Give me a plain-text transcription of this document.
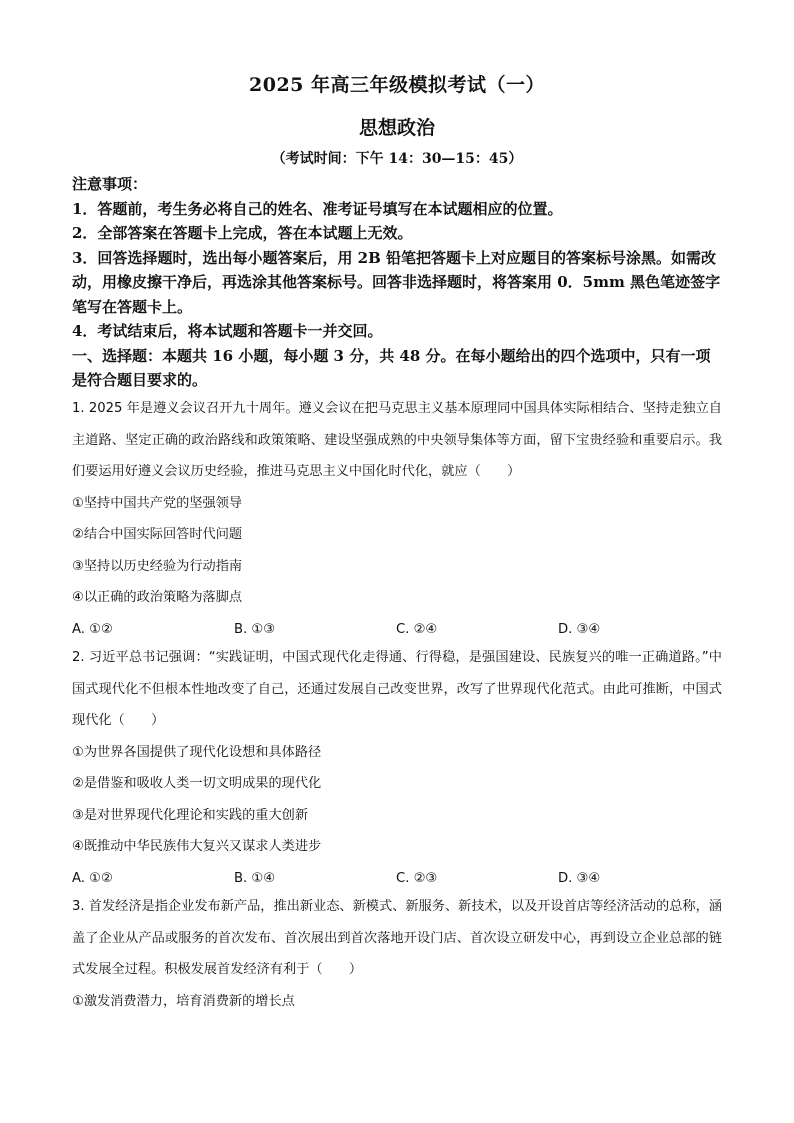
2025 年高三年级模拟考试（一）
思想政治
（考试时间：下午 14：30—15：45）
注意事项：
1．答题前，考生务必将自己的姓名、准考证号填写在本试题相应的位置。
2．全部答案在答题卡上完成，答在本试题上无效。
3．回答选择题时，选出每小题答案后，用 2B 铅笔把答题卡上对应题目的答案标号涂黑。如需改动，用橡皮擦干净后，再选涂其他答案标号。回答非选择题时，将答案用 0．5mm 黑色笔迹签字笔写在答题卡上。
4．考试结束后，将本试题和答题卡一并交回。
一、选择题：本题共 16 小题，每小题 3 分，共 48 分。在每小题给出的四个选项中，只有一项是符合题目要求的。

1. 2025 年是遵义会议召开九十周年。遵义会议在把马克思主义基本原理同中国具体实际相结合、坚持走独立自主道路、坚定正确的政治路线和政策策略、建设坚强成熟的中央领导集体等方面，留下宝贵经验和重要启示。我们要运用好遵义会议历史经验，推进马克思主义中国化时代化，就应（　　）

①坚持中国共产党的坚强领导

②结合中国实际回答时代问题

③坚持以历史经验为行动指南

④以正确的政治策略为落脚点

A. ①②	B. ①③	C. ②④	D. ③④

2. 习近平总书记强调：“实践证明，中国式现代化走得通、行得稳，是强国建设、民族复兴的唯一正确道路。”中国式现代化不但根本性地改变了自己，还通过发展自己改变世界，改写了世界现代化范式。由此可推断，中国式现代化（　　）

①为世界各国提供了现代化设想和具体路径

②是借鉴和吸收人类一切文明成果的现代化

③是对世界现代化理论和实践的重大创新

④既推动中华民族伟大复兴又谋求人类进步

A. ①②	B. ①④	C. ②③	D. ③④

3. 首发经济是指企业发布新产品，推出新业态、新模式、新服务、新技术，以及开设首店等经济活动的总称，涵盖了企业从产品或服务的首次发布、首次展出到首次落地开设门店、首次设立研发中心，再到设立企业总部的链式发展全过程。积极发展首发经济有利于（　　）

①激发消费潜力，培育消费新的增长点
